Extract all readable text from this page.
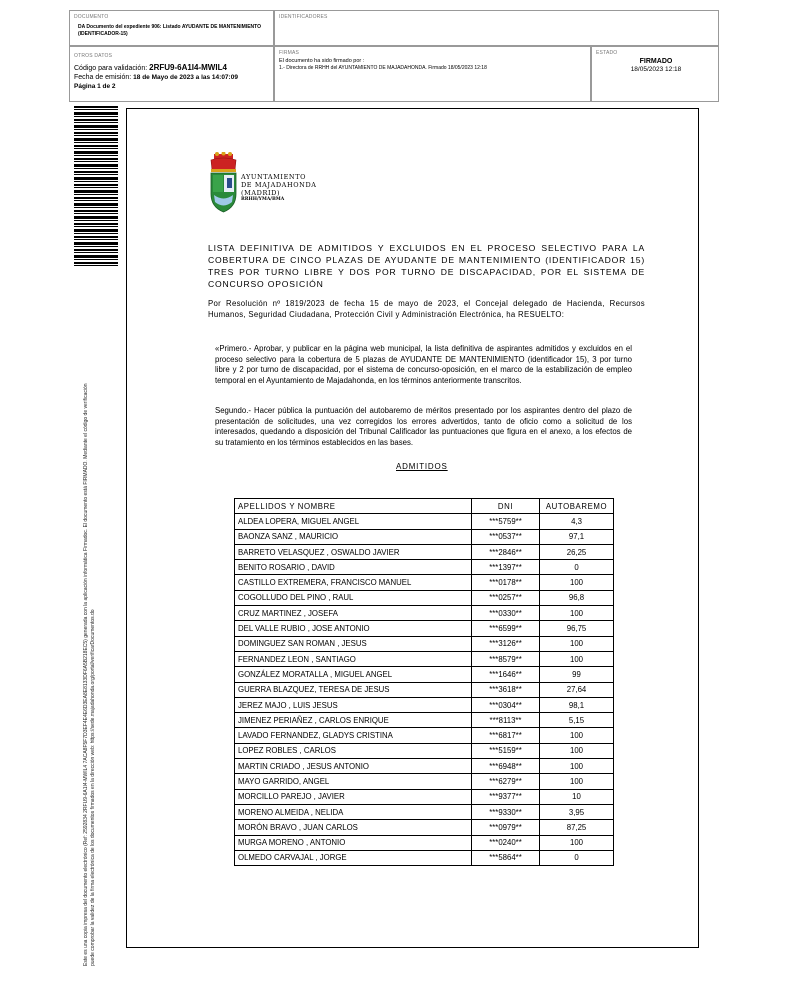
DOCUMENTO
DA Documento del expediente 906: Listado AYUDANTE DE MANTENIMIENTO (IDENTIFICADOR-15)
IDENTIFICADORES
OTROS DATOS
Código para validación: 2RFU9-6A1I4-MWIL4
Fecha de emisión: 18 de Mayo de 2023 a las 14:07:09
Página 1 de 2
FIRMAS
El documento ha sido firmado por :
1.- Directora de RRHH del AYUNTAMIENTO DE MAJADAHONDA. Firmado 18/05/2023 12:18
ESTADO
FIRMADO
18/05/2023 12:18
Este es una copia impresa del documento electrónico (Ref: 2592834 2RFU9-6A1I4-MWIL4 7ACA8F5F7D3EF4E4E6D3EA8E8133DF6A5B218EC5) generada con la aplicación informática Firmadoc. El documento está FIRMADO. Mediante el código de verificación puede comprobar la validez de la firma electrónica de los documentos firmados en la dirección web: https://sede.majadahonda.org/portal/verificarDocumentos.do
AYUNTAMIENTO
DE MAJADAHONDA
(MADRID)
RRHH/YMA/BMA
LISTA DEFINITIVA DE ADMITIDOS Y EXCLUIDOS EN EL PROCESO SELECTIVO PARA LA COBERTURA DE CINCO PLAZAS DE AYUDANTE DE MANTENIMIENTO (IDENTIFICADOR 15) TRES POR TURNO LIBRE Y DOS POR TURNO DE DISCAPACIDAD, POR EL SISTEMA DE CONCURSO OPOSICIÓN
Por Resolución nº 1819/2023 de fecha 15 de mayo de 2023, el Concejal delegado de Hacienda, Recursos Humanos, Seguridad Ciudadana, Protección Civil y Administración Electrónica, ha RESUELTO:
«Primero.- Aprobar, y publicar en la página web municipal, la lista definitiva de aspirantes admitidos y excluidos en el proceso selectivo para la cobertura de 5 plazas de AYUDANTE DE MANTENIMIENTO (identificador 15), 3 por turno libre y 2 por turno de discapacidad, por el sistema de concurso-oposición, en el marco de la estabilización de empleo temporal en el Ayuntamiento de Majadahonda, en los términos anteriormente transcritos.
Segundo.- Hacer pública la puntuación del autobaremo de méritos presentado por los aspirantes dentro del plazo de presentación de solicitudes, una vez corregidos los errores advertidos, tanto de oficio como a solicitud de los interesados, quedando a disposición del Tribunal Calificador las puntuaciones que figura en el anexo, a los efectos de su tratamiento en los términos establecidos en las bases.
ADMITIDOS
APELLIDOS Y NOMBRE	DNI	AUTOBAREMO
ALDEA LOPERA, MIGUEL ANGEL	***5759**	4,3
BAONZA SANZ , MAURICIO	***0537**	97,1
BARRETO VELASQUEZ , OSWALDO JAVIER	***2846**	26,25
BENITO ROSARIO , DAVID	***1397**	0
CASTILLO EXTREMERA, FRANCISCO MANUEL	***0178**	100
COGOLLUDO DEL PINO , RAUL	***0257**	96,8
CRUZ MARTINEZ , JOSEFA	***0330**	100
DEL VALLE RUBIO , JOSE ANTONIO	***6599**	96,75
DOMINGUEZ SAN ROMAN , JESUS	***3126**	100
FERNANDEZ LEON , SANTIAGO	***8579**	100
GONZÁLEZ MORATALLA , MIGUEL ANGEL	***1646**	99
GUERRA BLAZQUEZ, TERESA DE JESUS	***3618**	27,64
JEREZ MAJO , LUIS JESUS	***0304**	98,1
JIMENEZ PERIAÑEZ , CARLOS ENRIQUE	***8113**	5,15
LAVADO FERNANDEZ, GLADYS CRISTINA	***6817**	100
LOPEZ ROBLES , CARLOS	***5159**	100
MARTIN CRIADO , JESUS ANTONIO	***6948**	100
MAYO GARRIDO, ANGEL	***6279**	100
MORCILLO PAREJO , JAVIER	***9377**	10
MORENO ALMEIDA , NELIDA	***9330**	3,95
MORÓN BRAVO , JUAN CARLOS	***0979**	87,25
MURGA MORENO , ANTONIO	***0240**	100
OLMEDO CARVAJAL , JORGE	***5864**	0
